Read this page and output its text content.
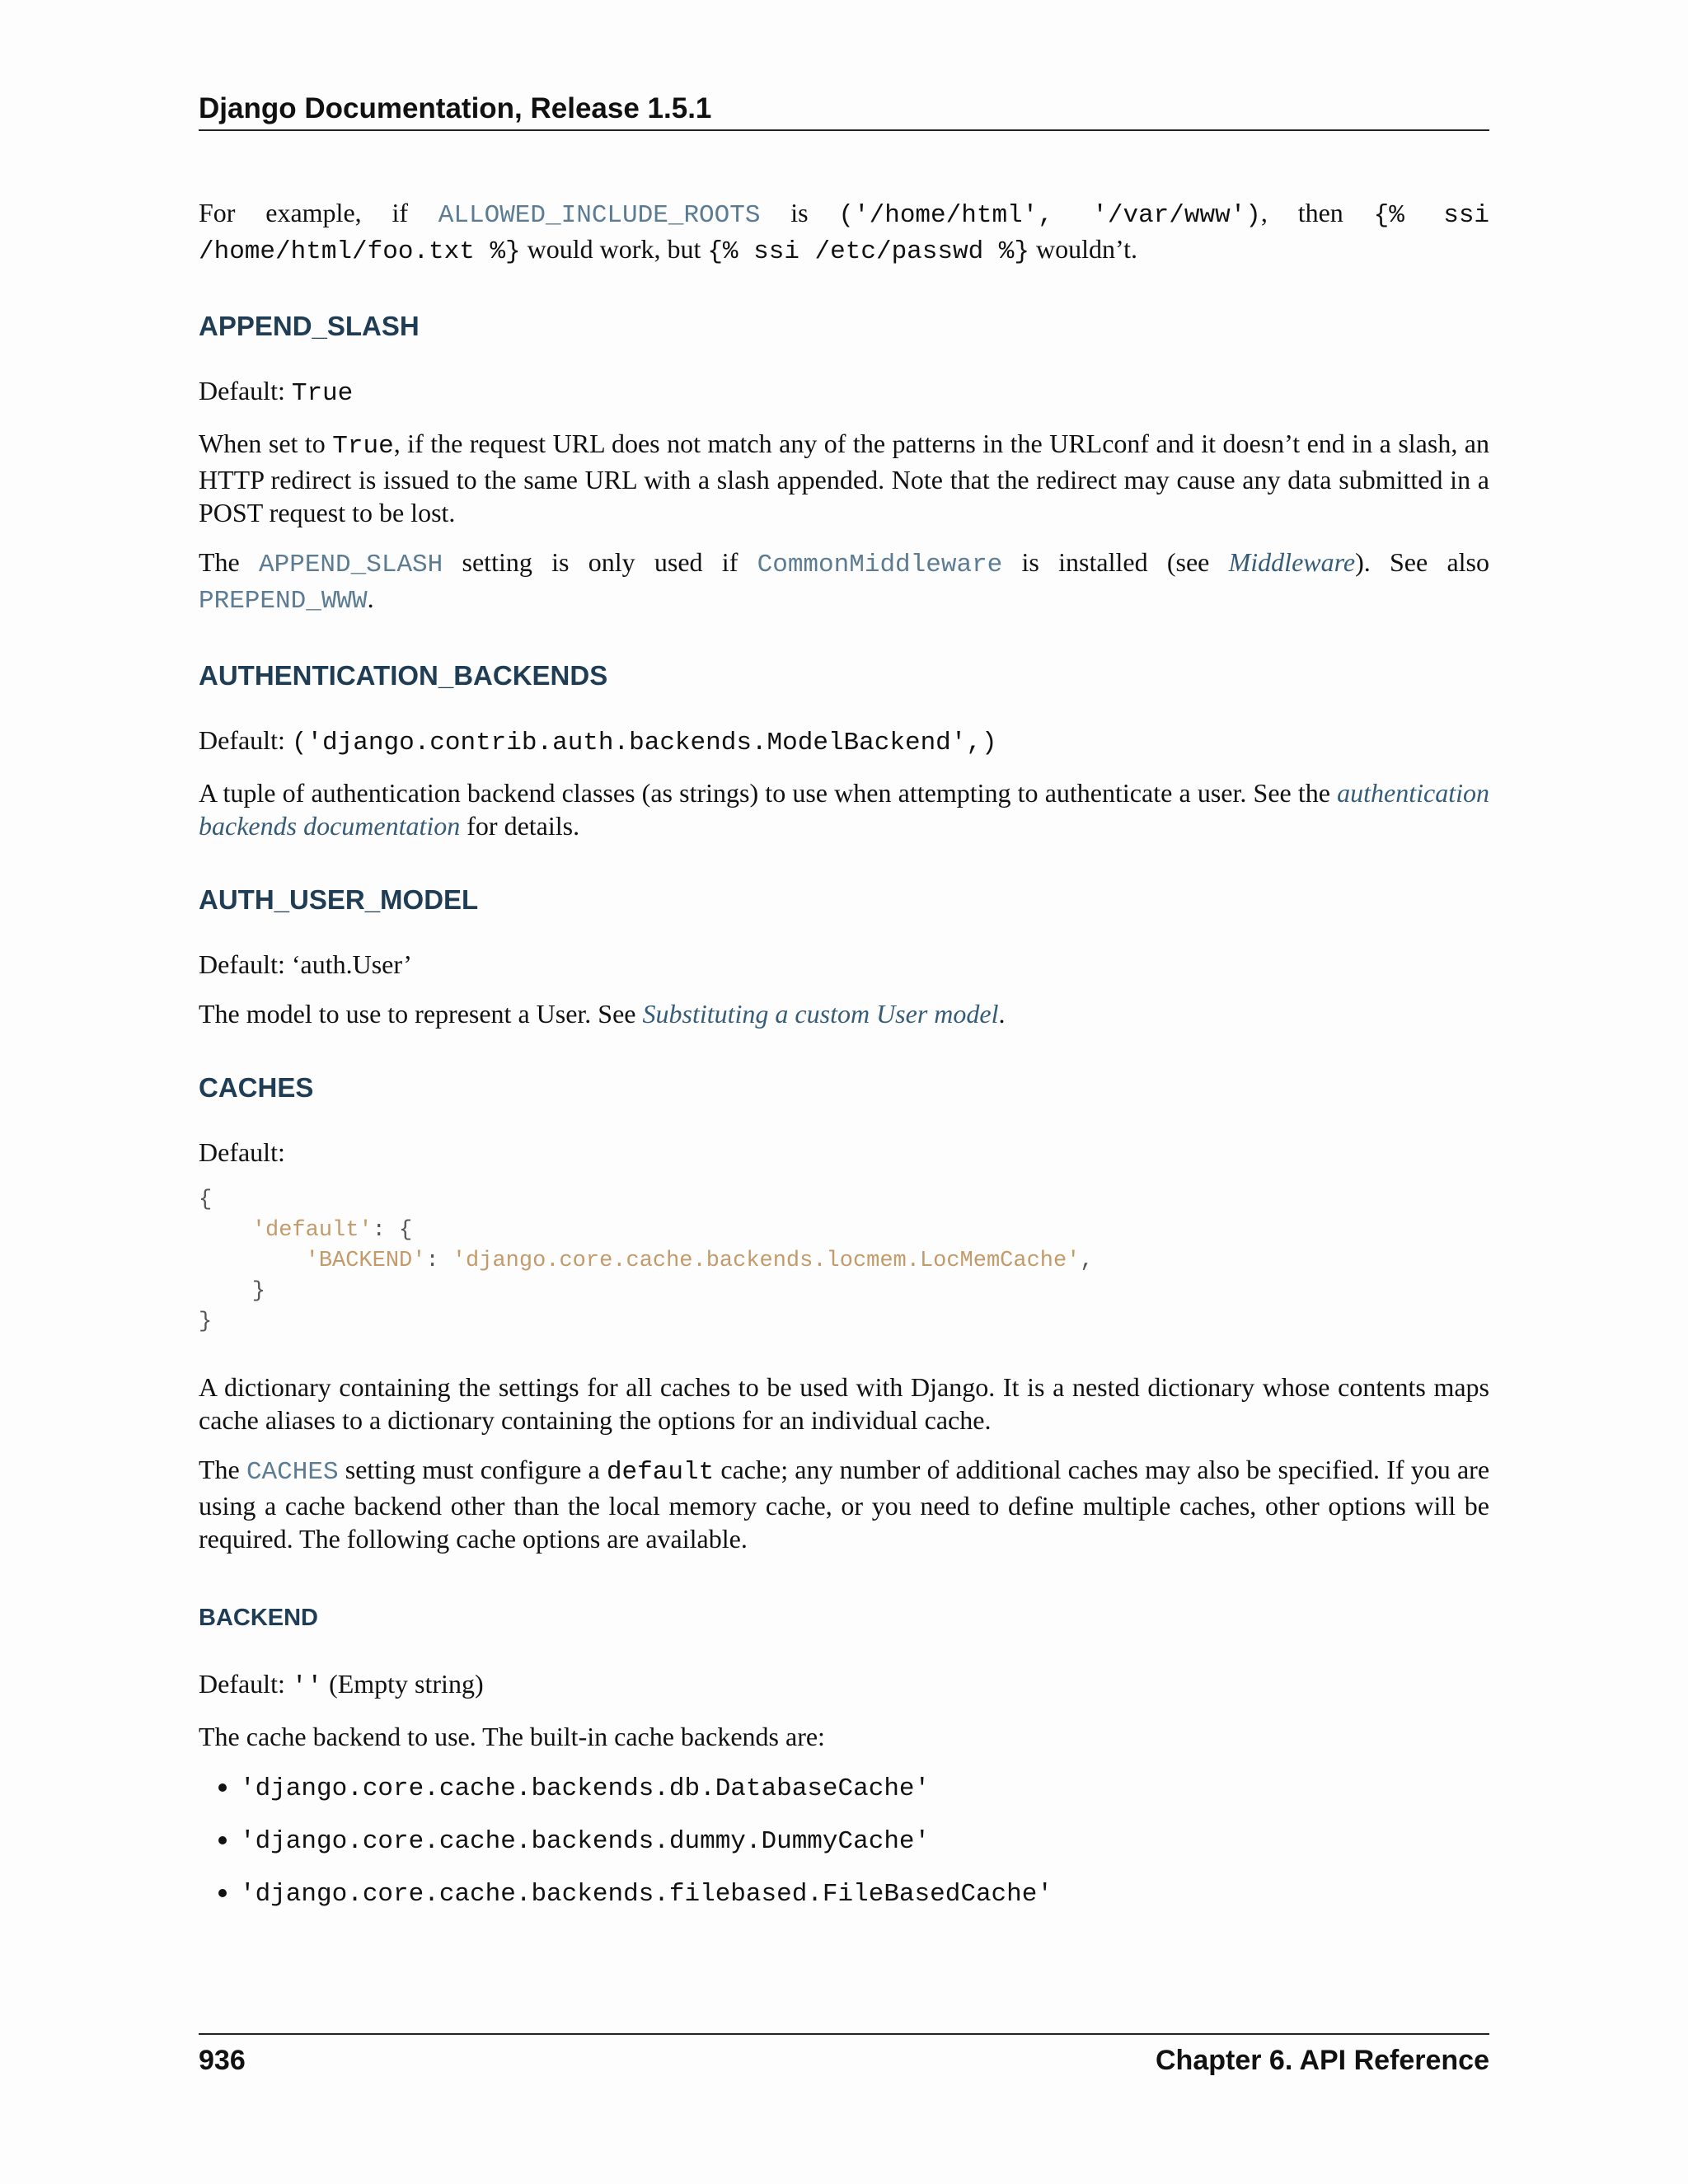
Django Documentation, Release 1.5.1

For example, if ALLOWED_INCLUDE_ROOTS is ('/home/html', '/var/www'), then {% ssi /home/html/foo.txt %} would work, but {% ssi /etc/passwd %} wouldn’t.

APPEND_SLASH

Default: True

When set to True, if the request URL does not match any of the patterns in the URLconf and it doesn’t end in a slash, an HTTP redirect is issued to the same URL with a slash appended. Note that the redirect may cause any data submitted in a POST request to be lost.

The APPEND_SLASH setting is only used if CommonMiddleware is installed (see Middleware). See also PREPEND_WWW.

AUTHENTICATION_BACKENDS

Default: ('django.contrib.auth.backends.ModelBackend',)

A tuple of authentication backend classes (as strings) to use when attempting to authenticate a user. See the authentication backends documentation for details.

AUTH_USER_MODEL

Default: ‘auth.User’

The model to use to represent a User. See Substituting a custom User model.

CACHES

Default:

{
'default': {
'BACKEND': 'django.core.cache.backends.locmem.LocMemCache',
}
}

A dictionary containing the settings for all caches to be used with Django. It is a nested dictionary whose contents maps cache aliases to a dictionary containing the options for an individual cache.

The CACHES setting must configure a default cache; any number of additional caches may also be specified. If you are using a cache backend other than the local memory cache, or you need to define multiple caches, other options will be required. The following cache options are available.

BACKEND

Default: '' (Empty string)

The cache backend to use. The built-in cache backends are:

• 'django.core.cache.backends.db.DatabaseCache'
• 'django.core.cache.backends.dummy.DummyCache'
• 'django.core.cache.backends.filebased.FileBasedCache'
936	Chapter 6. API Reference
